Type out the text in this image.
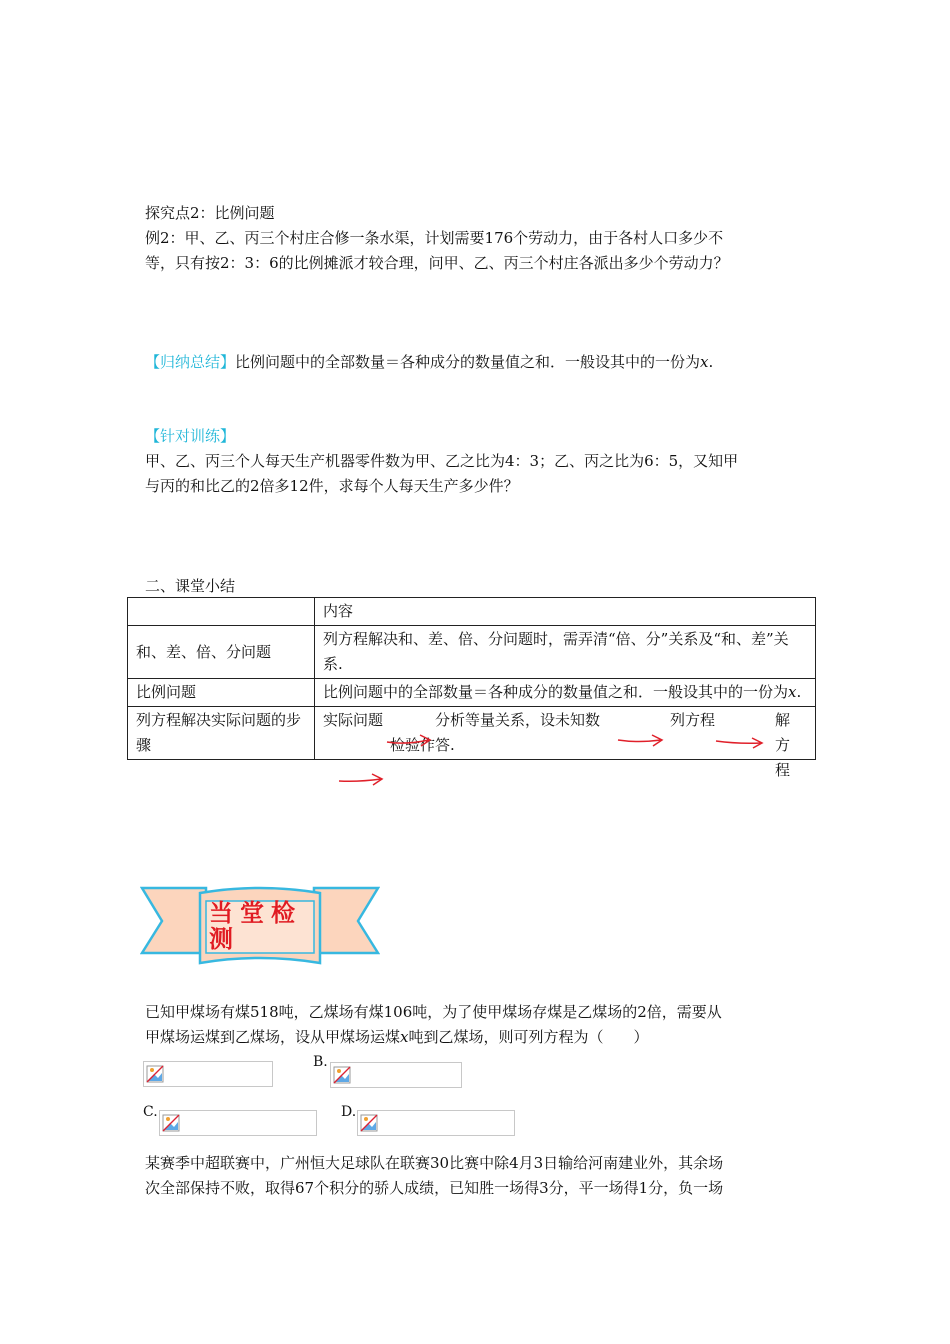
探究点2：比例问题

例2：甲、乙、丙三个村庄合修一条水渠，计划需要176个劳动力，由于各村人口多少不
等，只有按2：3：6的比例摊派才较合理，问甲、乙、丙三个村庄各派出多少个劳动力？

【归纳总结】比例问题中的全部数量＝各种成分的数量值之和．一般设其中的一份为x.

【针对训练】

甲、乙、丙三个人每天生产机器零件数为甲、乙之比为4：3；乙、丙之比为6：5，又知甲
与丙的和比乙的2倍多12件，求每个人每天生产多少件？

二、课堂小结

	内容
和、差、倍、分问题	列方程解决和、差、倍、分问题时，需弄清“倍、分”关系及“和、差”关系.
比例问题	比例问题中的全部数量＝各种成分的数量值之和．一般设其中的一份为x.
列方程解决实际问题的步骤	实际问题 分析等量关系，设未知数 列方程 解方程
检验作答.
当堂检测

已知甲煤场有煤518吨，乙煤场有煤106吨，为了使甲煤场存煤是乙煤场的2倍，需要从
甲煤场运煤到乙煤场，设从甲煤场运煤x吨到乙煤场，则可列方程为（　　）

B.
C.	D.

某赛季中超联赛中，广州恒大足球队在联赛30比赛中除4月3日输给河南建业外，其余场
次全部保持不败，取得67个积分的骄人成绩，已知胜一场得3分，平一场得1分，负一场
